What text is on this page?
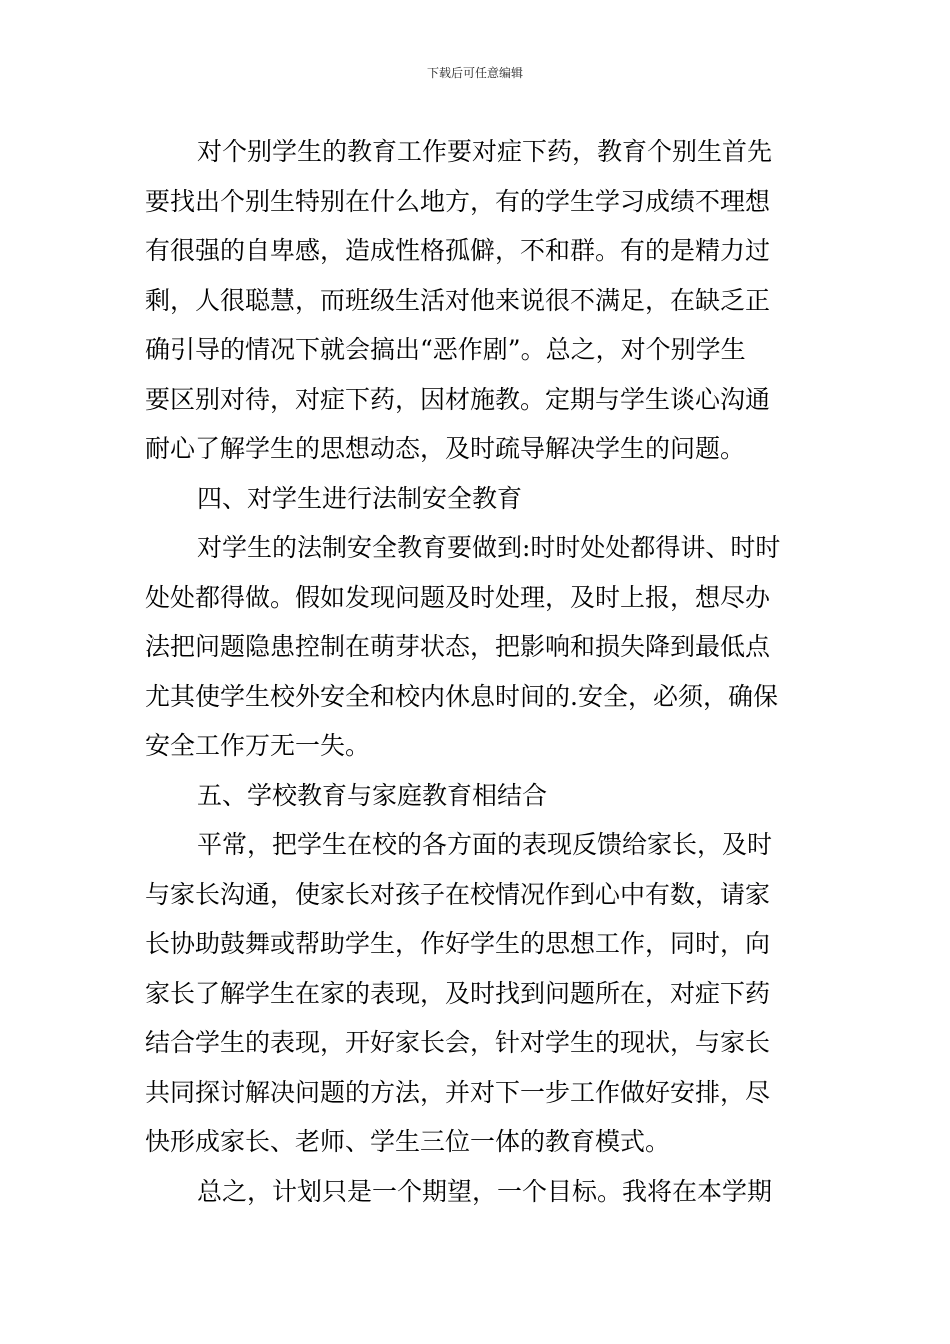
下载后可任意编辑
对个别学生的教育工作要对症下药，教育个别生首先
要找出个别生特别在什么地方，有的学生学习成绩不理想
有很强的自卑感，造成性格孤僻，不和群。有的是精力过
剩，人很聪慧，而班级生活对他来说很不满足，在缺乏正
确引导的情况下就会搞出“恶作剧”。总之，对个别学生
要区别对待，对症下药，因材施教。定期与学生谈心沟通
耐心了解学生的思想动态，及时疏导解决学生的问题。
四、对学生进行法制安全教育
对学生的法制安全教育要做到:时时处处都得讲、时时
处处都得做。假如发现问题及时处理，及时上报，想尽办
法把问题隐患控制在萌芽状态，把影响和损失降到最低点
尤其使学生校外安全和校内休息时间的.安全，必须，确保
安全工作万无一失。
五、学校教育与家庭教育相结合
平常，把学生在校的各方面的表现反馈给家长，及时
与家长沟通，使家长对孩子在校情况作到心中有数，请家
长协助鼓舞或帮助学生，作好学生的思想工作，同时，向
家长了解学生在家的表现，及时找到问题所在，对症下药
结合学生的表现，开好家长会，针对学生的现状，与家长
共同探讨解决问题的方法，并对下一步工作做好安排，尽
快形成家长、老师、学生三位一体的教育模式。
总之，计划只是一个期望，一个目标。我将在本学期
